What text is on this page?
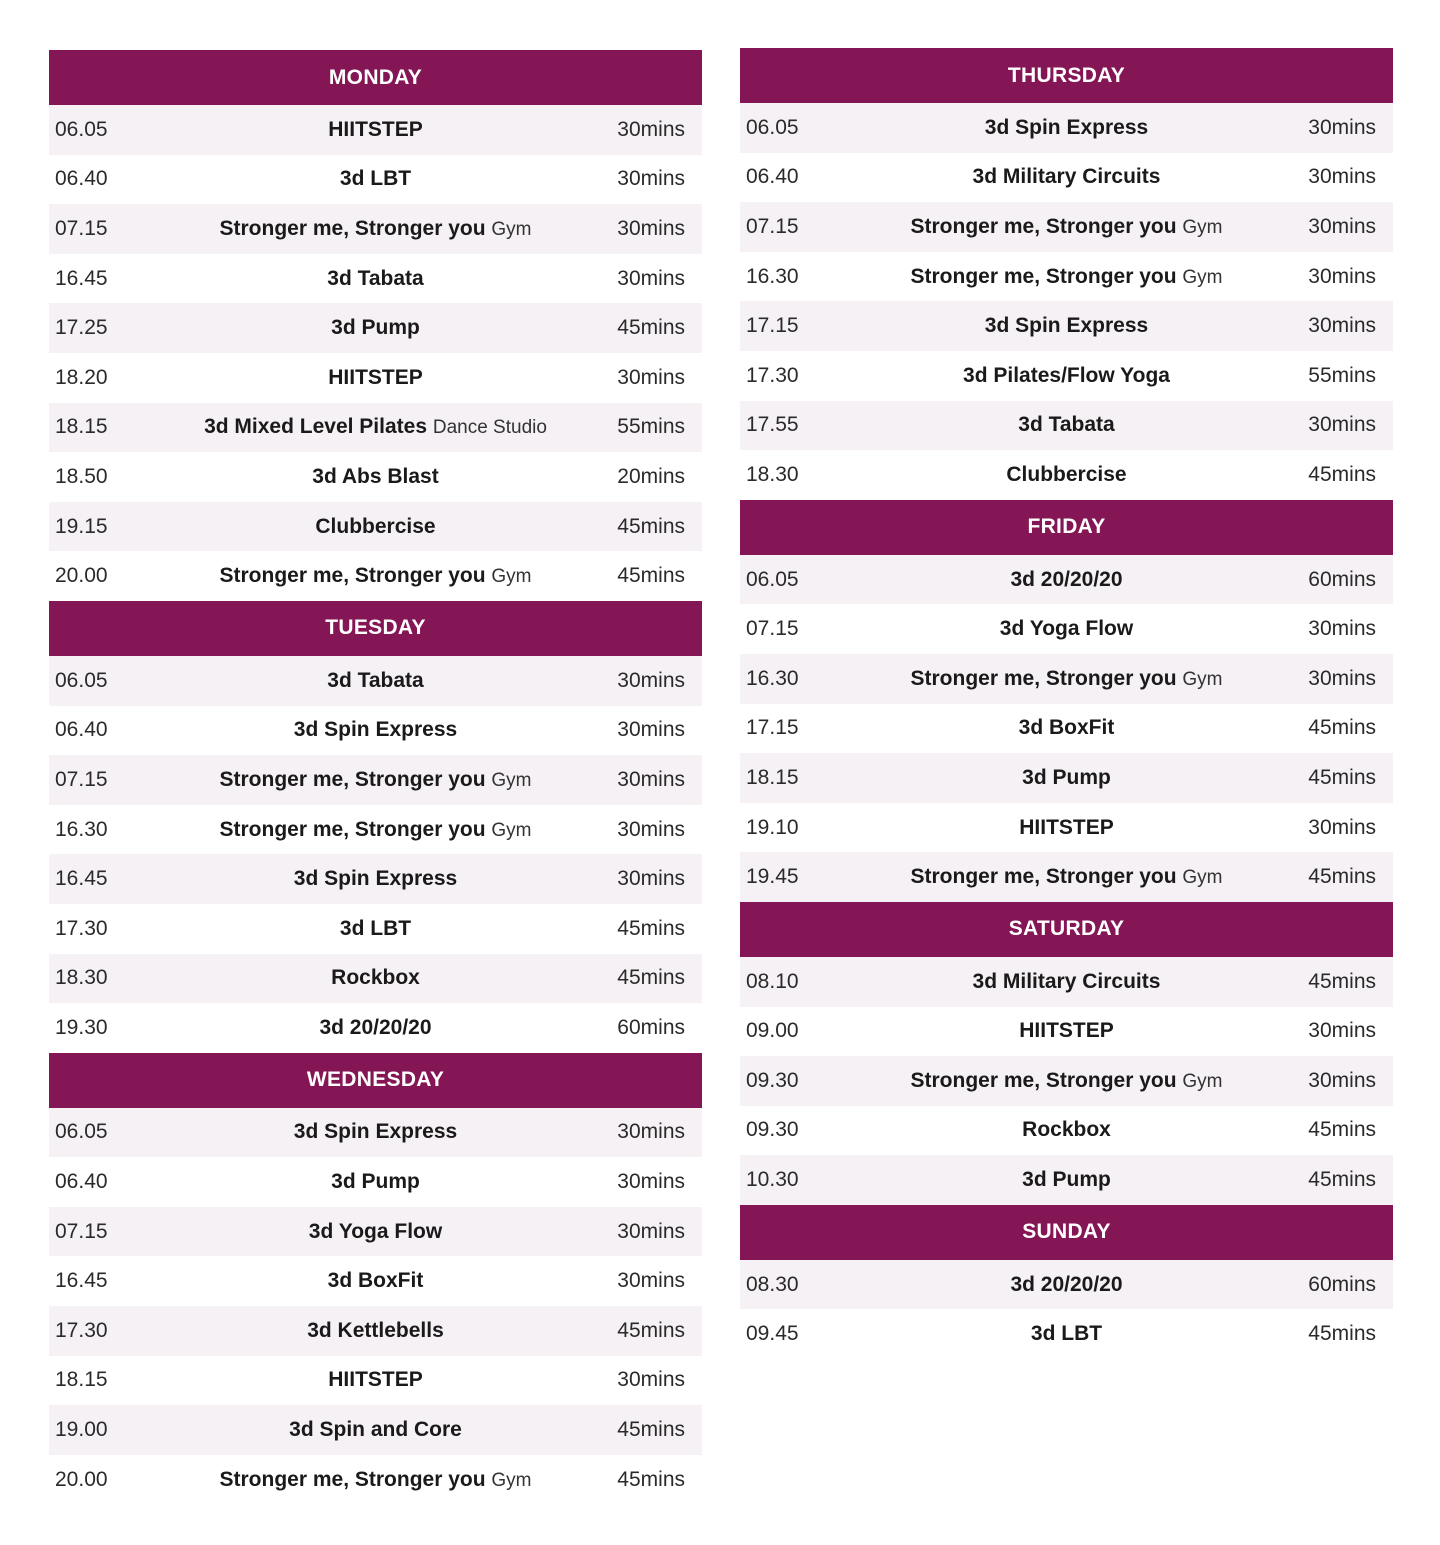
MONDAY
06.05	HIITSTEP	30mins
06.40	3d LBT	30mins
07.15	Stronger me, Stronger you Gym	30mins
16.45	3d Tabata	30mins
17.25	3d Pump	45mins
18.20	HIITSTEP	30mins
18.15	3d Mixed Level Pilates Dance Studio	55mins
18.50	3d Abs Blast	20mins
19.15	Clubbercise	45mins
20.00	Stronger me, Stronger you Gym	45mins
TUESDAY
06.05	3d Tabata	30mins
06.40	3d Spin Express	30mins
07.15	Stronger me, Stronger you Gym	30mins
16.30	Stronger me, Stronger you Gym	30mins
16.45	3d Spin Express	30mins
17.30	3d LBT	45mins
18.30	Rockbox	45mins
19.30	3d 20/20/20	60mins
WEDNESDAY
06.05	3d Spin Express	30mins
06.40	3d Pump	30mins
07.15	3d Yoga Flow	30mins
16.45	3d BoxFit	30mins
17.30	3d Kettlebells	45mins
18.15	HIITSTEP	30mins
19.00	3d Spin and Core	45mins
20.00	Stronger me, Stronger you Gym	45mins
THURSDAY
06.05	3d Spin Express	30mins
06.40	3d Military Circuits	30mins
07.15	Stronger me, Stronger you Gym	30mins
16.30	Stronger me, Stronger you Gym	30mins
17.15	3d Spin Express	30mins
17.30	3d Pilates/Flow Yoga	55mins
17.55	3d Tabata	30mins
18.30	Clubbercise	45mins
FRIDAY
06.05	3d 20/20/20	60mins
07.15	3d Yoga Flow	30mins
16.30	Stronger me, Stronger you Gym	30mins
17.15	3d BoxFit	45mins
18.15	3d Pump	45mins
19.10	HIITSTEP	30mins
19.45	Stronger me, Stronger you Gym	45mins
SATURDAY
08.10	3d Military Circuits	45mins
09.00	HIITSTEP	30mins
09.30	Stronger me, Stronger you Gym	30mins
09.30	Rockbox	45mins
10.30	3d Pump	45mins
SUNDAY
08.30	3d 20/20/20	60mins
09.45	3d LBT	45mins
